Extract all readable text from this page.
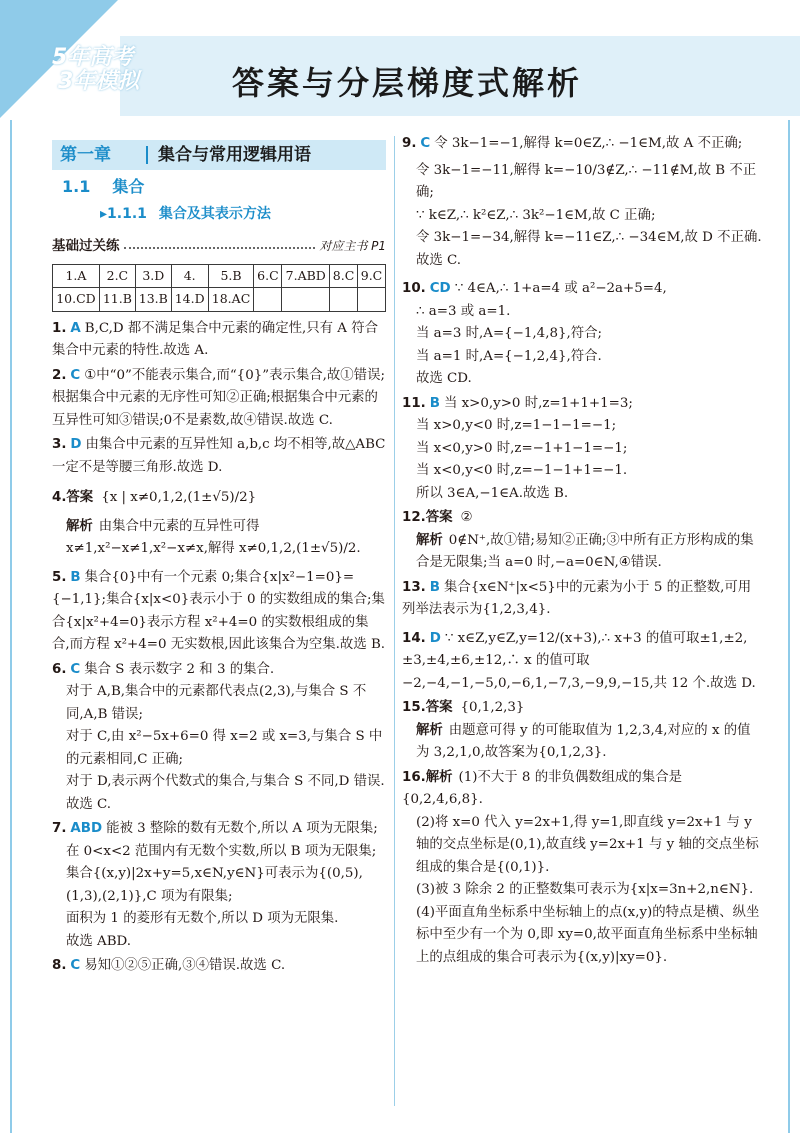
5年高考
3年模拟	答案与分层梯度式解析
第一章	集合与常用逻辑用语
1.1 集合
▸1.1.1 集合及其表示方法
基础过关练	对应主书 P1
1.A	2.C	3.D	4.	5.B	6.C	7.ABD	8.C	9.C
10.CD	11.B	13.B	14.D	18.AC				
1. A B,C,D 都不满足集合中元素的确定性,只有 A 符合集合中元素的特性.故选 A.
2. C ①中“0”不能表示集合,而“{0}”表示集合,故①错误;根据集合中元素的无序性可知②正确;根据集合中元素的互异性可知③错误;0不是素数,故④错误.故选 C.
3. D 由集合中元素的互异性知 a,b,c 均不相等,故△ABC 一定不是等腰三角形.故选 D.
4.答案 {x | x≠0,1,2,(1±√5)/2}
解析 由集合中元素的互异性可得 x≠1,x²−x≠1,x²−x≠x,解得 x≠0,1,2,(1±√5)/2.
5. B 集合{0}中有一个元素 0;集合{x|x²−1=0}={−1,1};集合{x|x<0}表示小于 0 的实数组成的集合;集合{x|x²+4=0}表示方程 x²+4=0 的实数根组成的集合,而方程 x²+4=0 无实数根,因此该集合为空集.故选 B.
6. C 集合 S 表示数字 2 和 3 的集合.
对于 A,B,集合中的元素都代表点(2,3),与集合 S 不同,A,B 错误;
对于 C,由 x²−5x+6=0 得 x=2 或 x=3,与集合 S 中的元素相同,C 正确;
对于 D,表示两个代数式的集合,与集合 S 不同,D 错误.故选 C.
7. ABD 能被 3 整除的数有无数个,所以 A 项为无限集;
在 0<x<2 范围内有无数个实数,所以 B 项为无限集;
集合{(x,y)|2x+y=5,x∈N,y∈N}可表示为{(0,5),(1,3),(2,1)},C 项为有限集;
面积为 1 的菱形有无数个,所以 D 项为无限集.
故选 ABD.
8. C 易知①②⑤正确,③④错误.故选 C.
9. C 令 3k−1=−1,解得 k=0∈Z,∴ −1∈M,故 A 不正确;
令 3k−1=−11,解得 k=−10/3∉Z,∴ −11∉M,故 B 不正确;
∵ k∈Z,∴ k²∈Z,∴ 3k²−1∈M,故 C 正确;
令 3k−1=−34,解得 k=−11∈Z,∴ −34∈M,故 D 不正确.故选 C.
10. CD ∵ 4∈A,∴ 1+a=4 或 a²−2a+5=4,
∴ a=3 或 a=1.
当 a=3 时,A={−1,4,8},符合;
当 a=1 时,A={−1,2,4},符合.
故选 CD.
11. B 当 x>0,y>0 时,z=1+1+1=3;
当 x>0,y<0 时,z=1−1−1=−1;
当 x<0,y>0 时,z=−1+1−1=−1;
当 x<0,y<0 时,z=−1−1+1=−1.
所以 3∈A,−1∈A.故选 B.
12.答案 ②
解析 0∉N⁺,故①错;易知②正确;③中所有正方形构成的集合是无限集;当 a=0 时,−a=0∈N,④错误.
13. B 集合{x∈N⁺|x<5}中的元素为小于 5 的正整数,可用列举法表示为{1,2,3,4}.
14. D ∵ x∈Z,y∈Z,y=12/(x+3),∴ x+3 的值可取±1,±2,±3,±4,±6,±12,∴ x 的值可取−2,−4,−1,−5,0,−6,1,−7,3,−9,9,−15,共 12 个.故选 D.
15.答案 {0,1,2,3}
解析 由题意可得 y 的可能取值为 1,2,3,4,对应的 x 的值为 3,2,1,0,故答案为{0,1,2,3}.
16.解析 (1)不大于 8 的非负偶数组成的集合是{0,2,4,6,8}.
(2)将 x=0 代入 y=2x+1,得 y=1,即直线 y=2x+1 与 y 轴的交点坐标是(0,1),故直线 y=2x+1 与 y 轴的交点坐标组成的集合是{(0,1)}.
(3)被 3 除余 2 的正整数集可表示为{x|x=3n+2,n∈N}.
(4)平面直角坐标系中坐标轴上的点(x,y)的特点是横、纵坐标中至少有一个为 0,即 xy=0,故平面直角坐标系中坐标轴上的点组成的集合可表示为{(x,y)|xy=0}.
